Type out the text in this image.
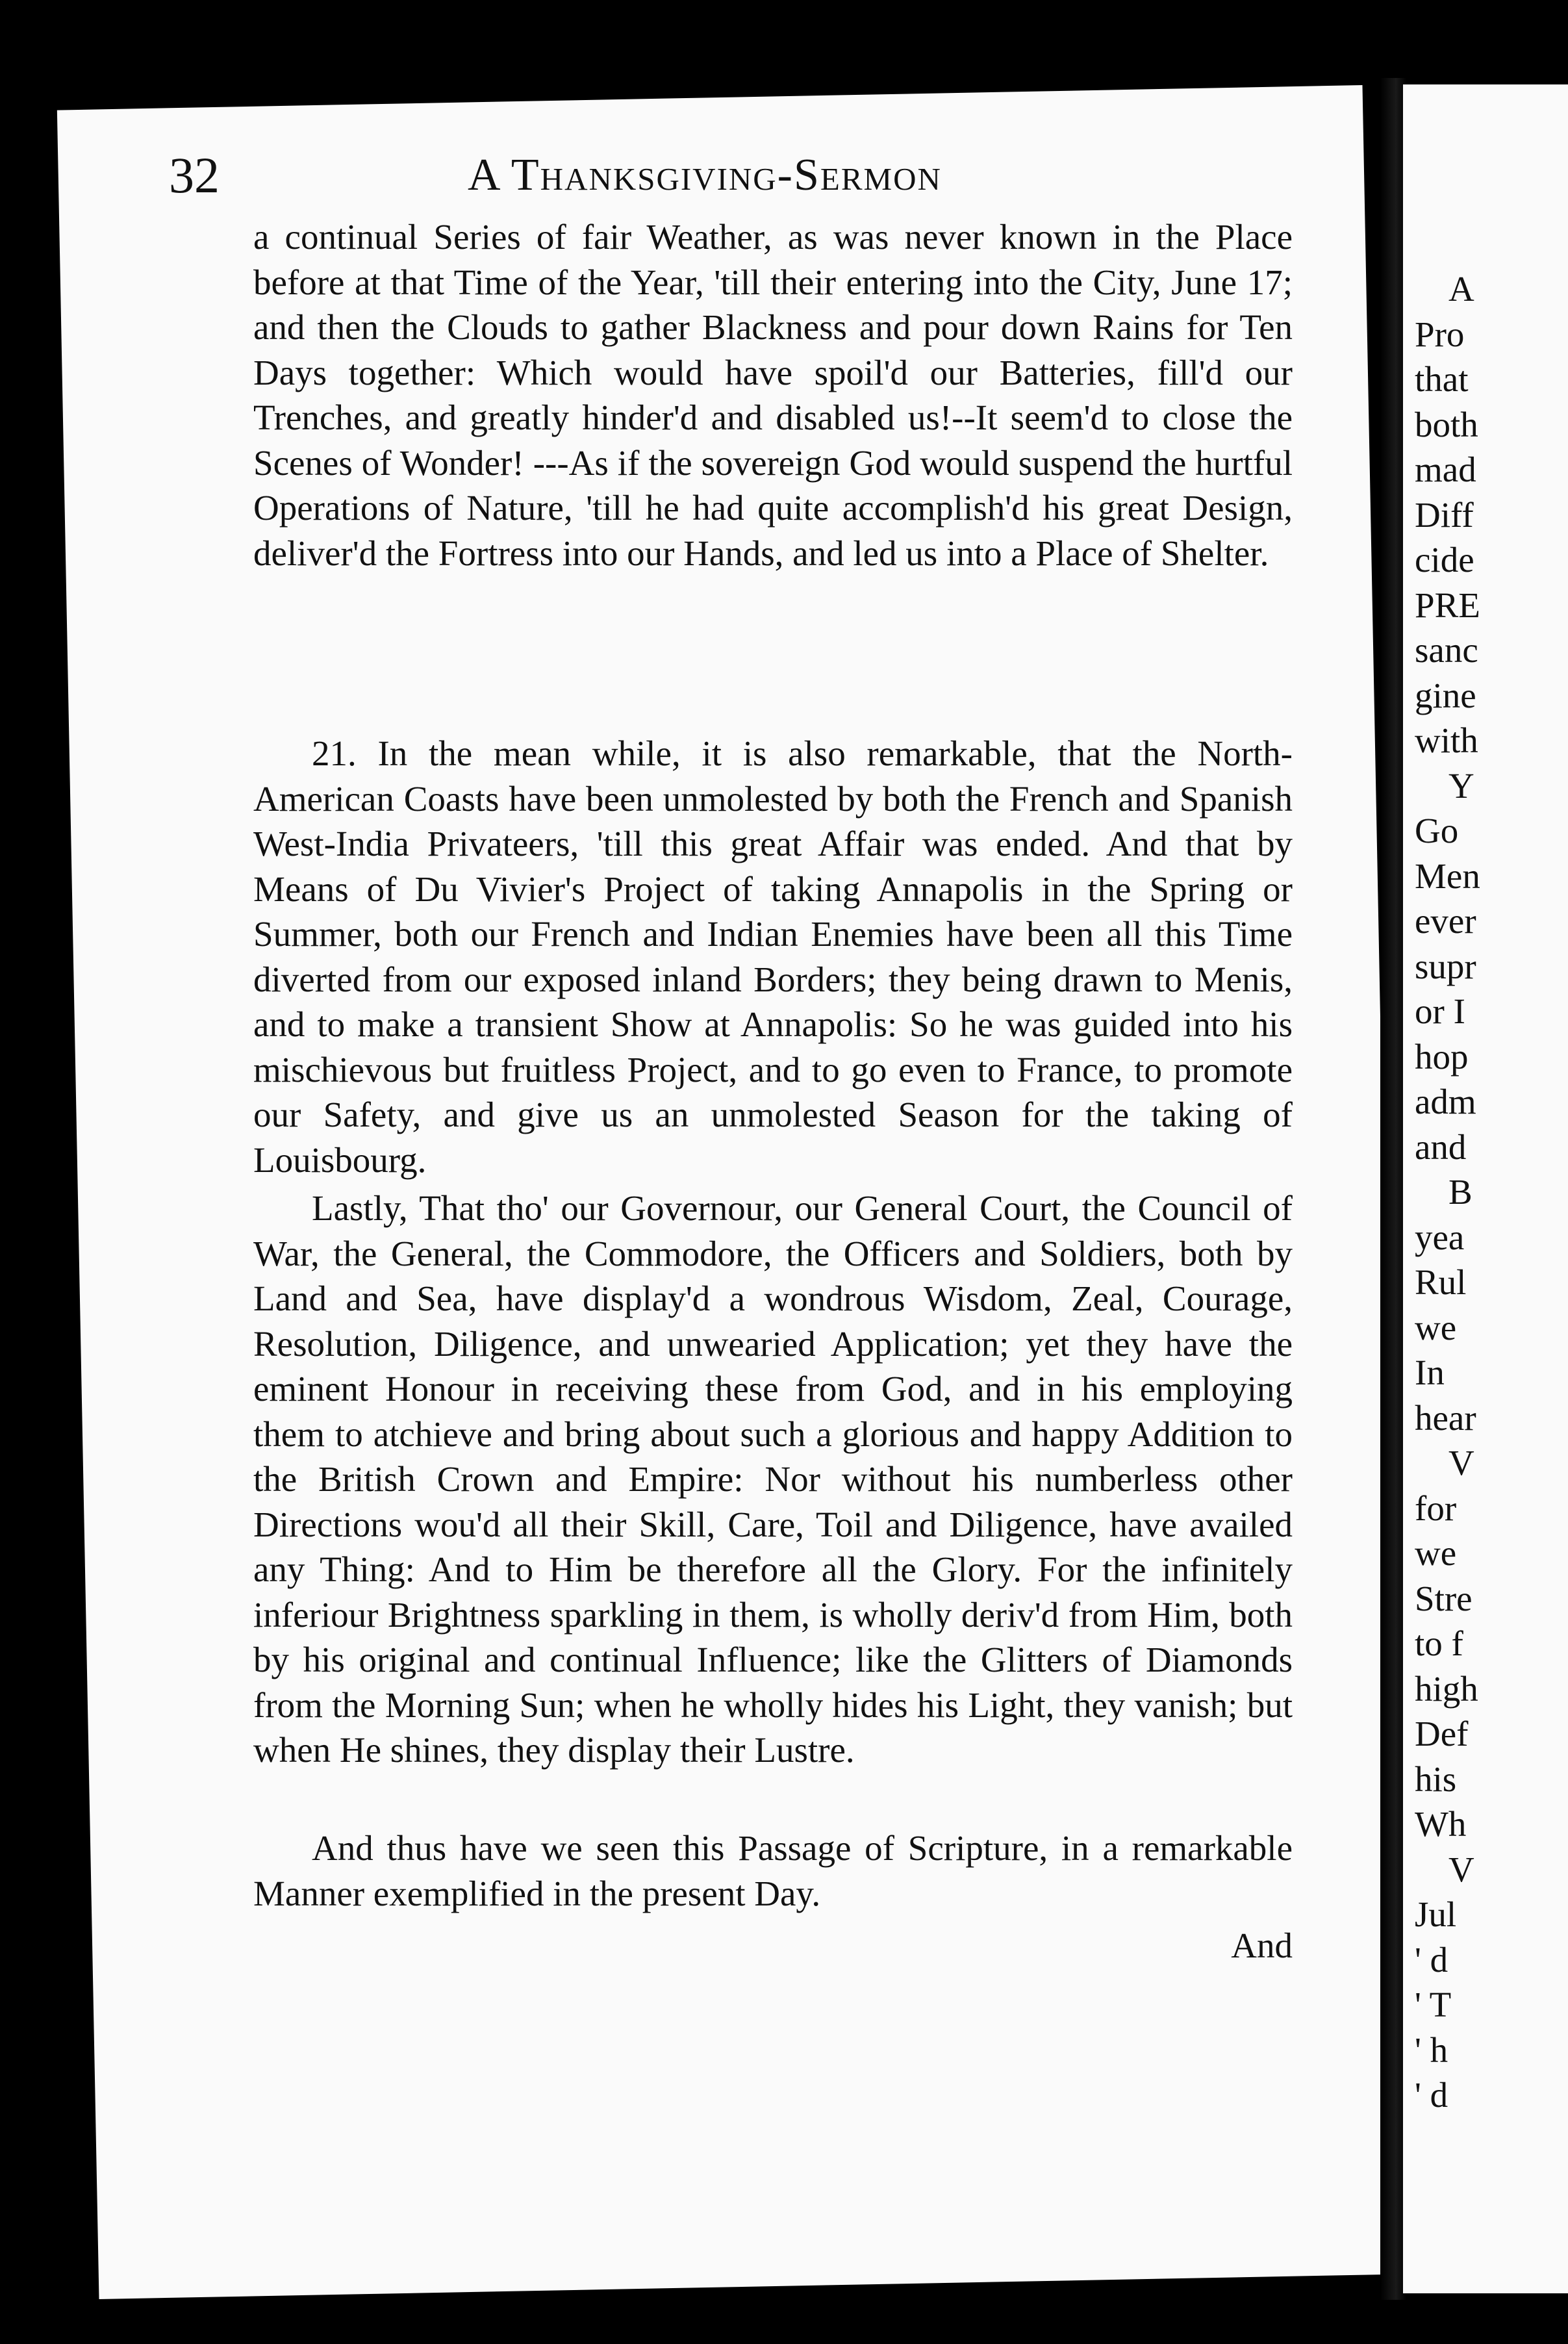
32	A Thanksgiving-Sermon

a continual Series of fair Weather, as was never known in the Place before at that Time of the Year, 'till their entering into the City, June 17; and then the Clouds to gather Blackness and pour down Rains for Ten Days together: Which would have spoil'd our Batteries, fill'd our Trenches, and greatly hinder'd and disabled us!--It seem'd to close the Scenes of Wonder! ---As if the sovereign God would suspend the hurtful Operations of Nature, 'till he had quite accomplish'd his great Design, deliver'd the Fortress into our Hands, and led us into a Place of Shelter.

21. In the mean while, it is also remarkable, that the North-American Coasts have been unmolested by both the French and Spanish West-India Privateers, 'till this great Affair was ended. And that by Means of Du Vivier's Project of taking Annapolis in the Spring or Summer, both our French and Indian Enemies have been all this Time diverted from our exposed inland Borders; they being drawn to Menis, and to make a transient Show at Annapolis: So he was guided into his mischievous but fruitless Project, and to go even to France, to promote our Safety, and give us an unmolested Season for the taking of Louisbourg.

Lastly, That tho' our Governour, our General Court, the Council of War, the General, the Commodore, the Officers and Soldiers, both by Land and Sea, have display'd a wondrous Wisdom, Zeal, Courage, Resolution, Diligence, and unwearied Application; yet they have the eminent Honour in receiving these from God, and in his employing them to atchieve and bring about such a glorious and happy Addition to the British Crown and Empire: Nor without his numberless other Directions wou'd all their Skill, Care, Toil and Diligence, have availed any Thing: And to Him be therefore all the Glory. For the infinitely inferiour Brightness sparkling in them, is wholly deriv'd from Him, both by his original and continual Influence; like the Glitters of Diamonds from the Morning Sun; when he wholly hides his Light, they vanish; but when He shines, they display their Lustre.

And thus have we seen this Passage of Scripture, in a remarkable Manner exemplified in the present Day.

And
A
Pro
that
both
mad
Diff
cide
PRE
sanc
gine
with
Y
Go
Men
ever
supr
or I
hop
adm
and
B
yea
Rul
we
In
hear
V
for
we
Stre
to f
high
Def
his
Wh
V
Jul
' d
' T
' h
' d
